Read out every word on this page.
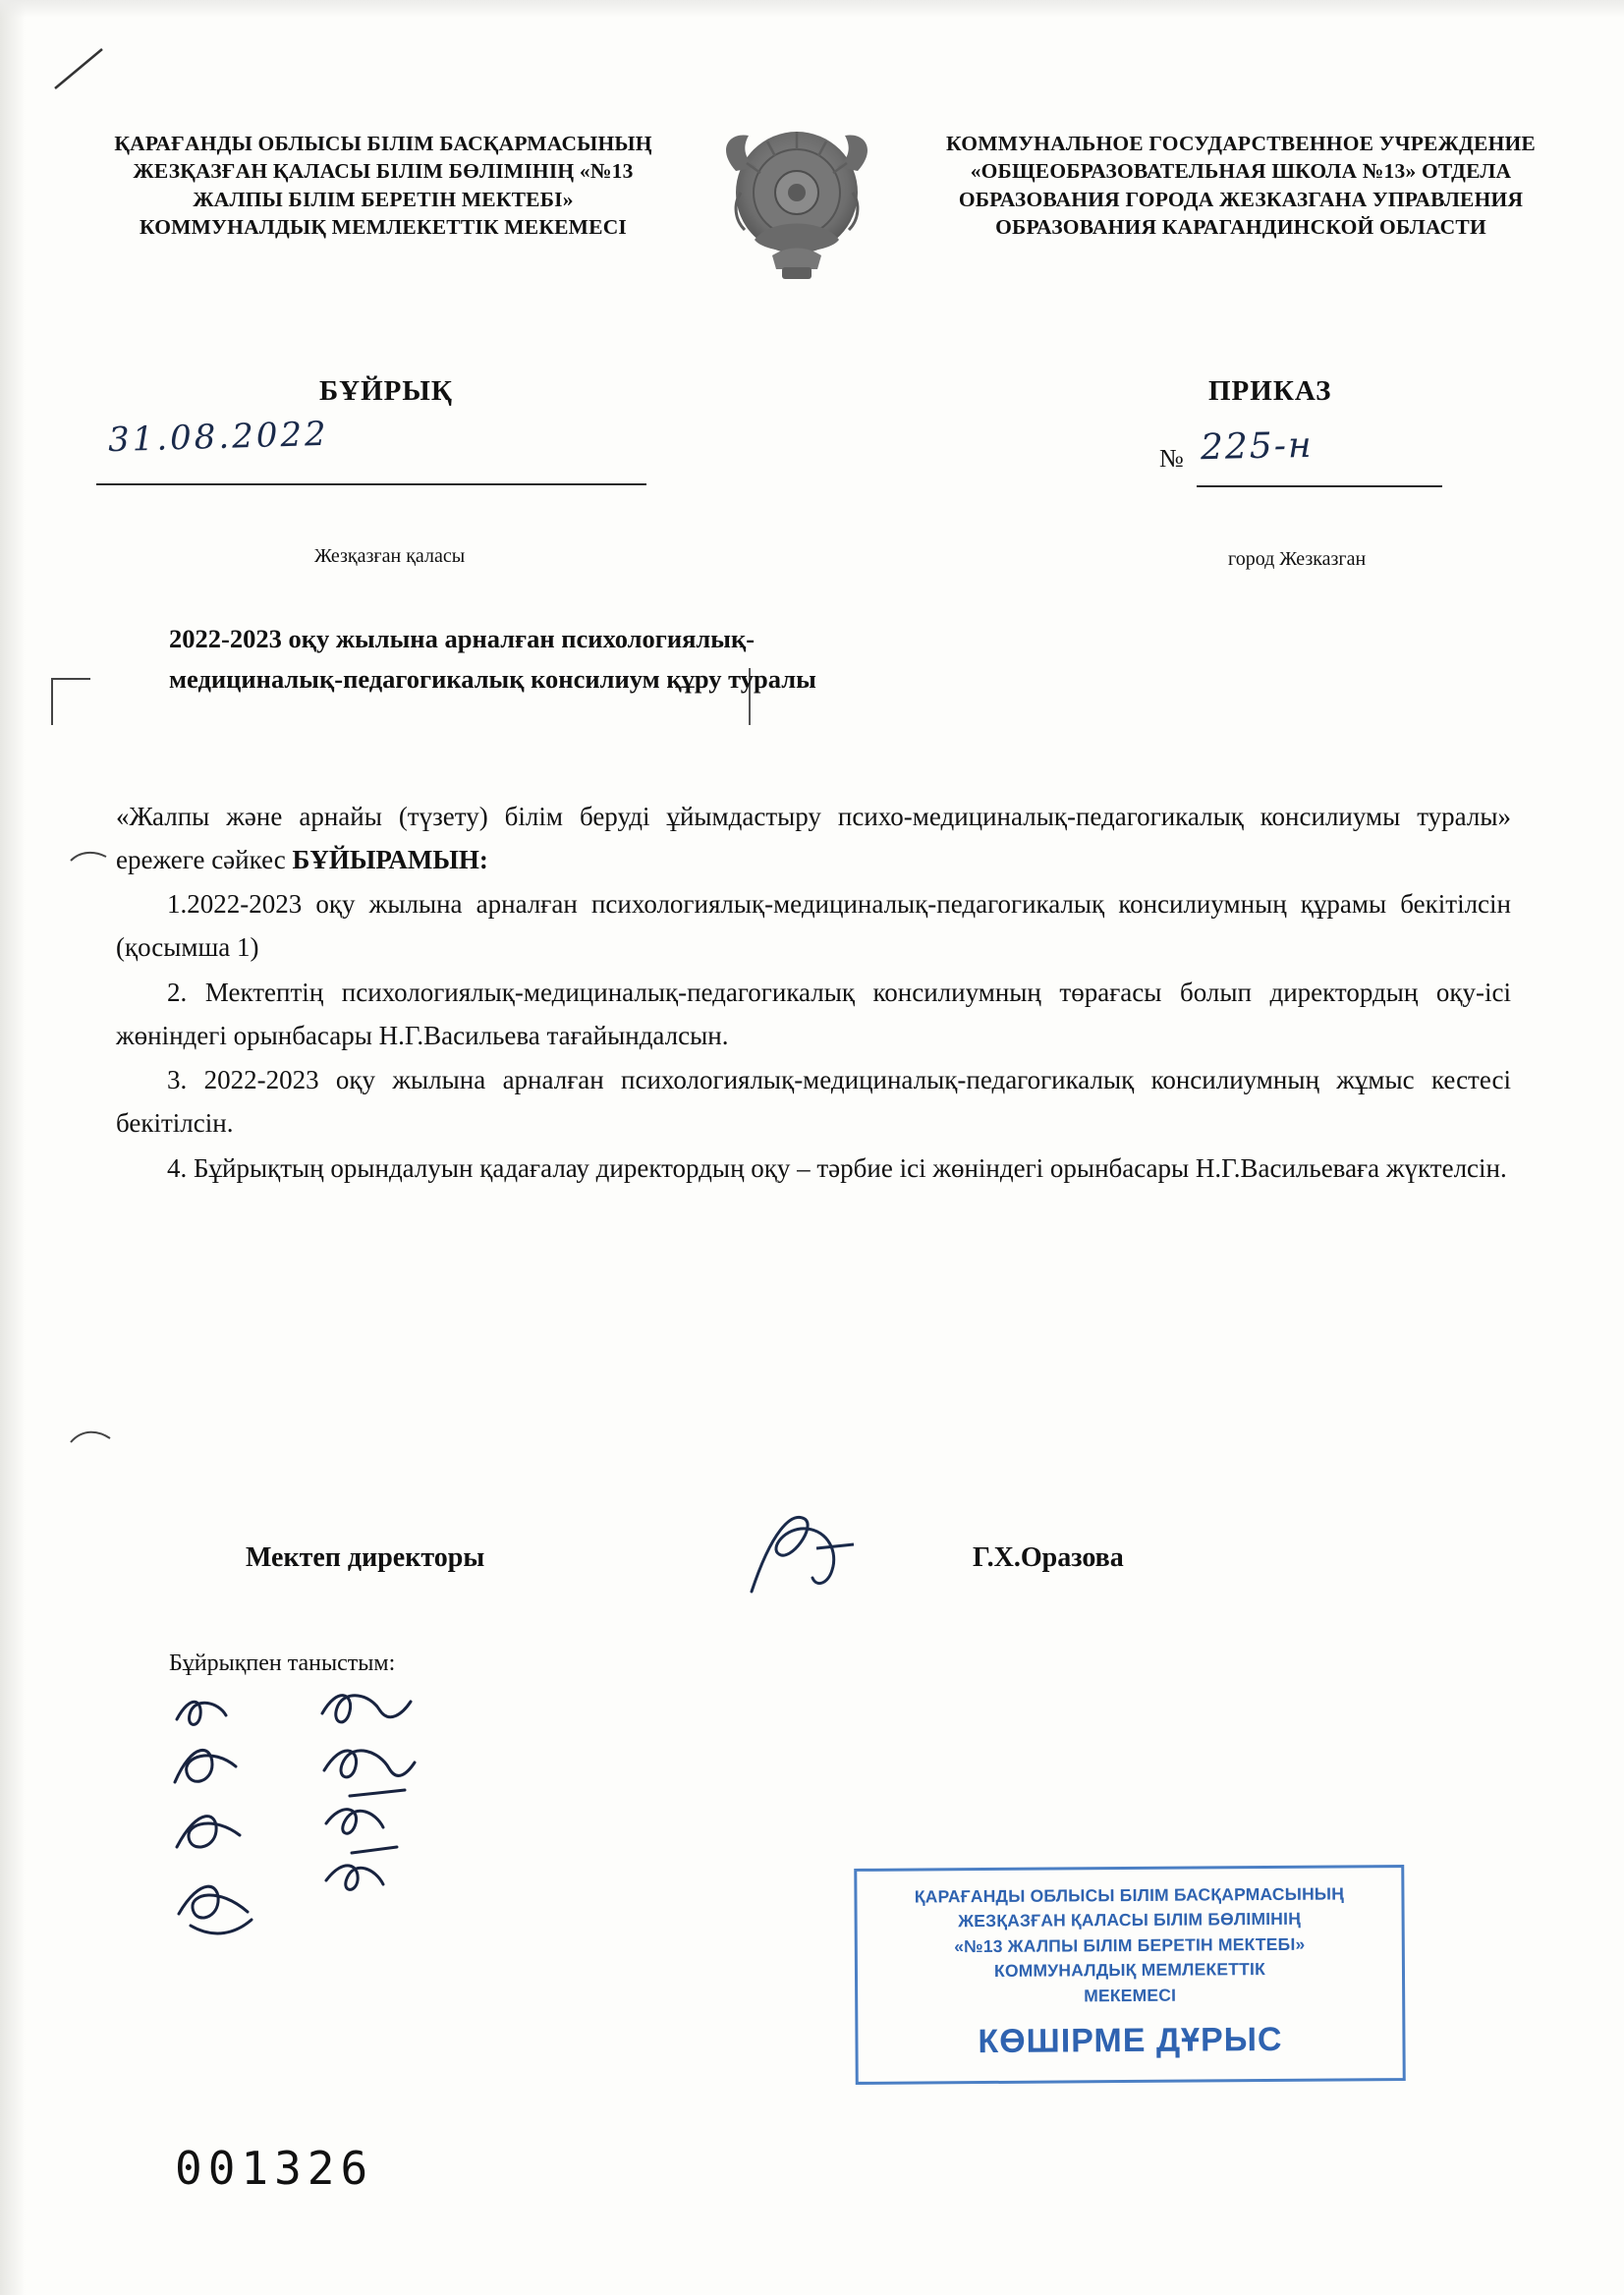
ҚАРАҒАНДЫ ОБЛЫСЫ БІЛІМ БАСҚАРМАСЫНЫҢ ЖЕЗҚАЗҒАН ҚАЛАСЫ БІЛІМ БӨЛІМІНІҢ «№13 ЖАЛПЫ БІЛІМ БЕРЕТІН МЕКТЕБІ» КОММУНАЛДЫҚ МЕМЛЕКЕТТІК МЕКЕМЕСІ
КОММУНАЛЬНОЕ ГОСУДАРСТВЕННОЕ УЧРЕЖДЕНИЕ «ОБЩЕОБРАЗОВАТЕЛЬНАЯ ШКОЛА №13» ОТДЕЛА ОБРАЗОВАНИЯ ГОРОДА ЖЕЗКАЗГАНА УПРАВЛЕНИЯ ОБРАЗОВАНИЯ КАРАГАНДИНСКОЙ ОБЛАСТИ
БҰЙРЫҚ	ПРИКАЗ
31.08.2022	№ 225-н
Жезқазған қаласы	город Жезказган
2022-2023 оқу жылына арналған психологиялық-медициналық-педагогикалық консилиум құру туралы

«Жалпы және арнайы (түзету) білім беруді ұйымдастыру психо-медициналық-педагогикалық консилиумы туралы» ережеге сәйкес БҰЙЫРАМЫН:

1.2022-2023 оқу жылына арналған психологиялық-медициналық-педагогикалық консилиумның құрамы бекітілсін (қосымша 1)

2. Мектептің психологиялық-медициналық-педагогикалық консилиумның төрағасы болып директордың оқу-ісі жөніндегі орынбасары Н.Г.Васильева тағайындалсын.

3. 2022-2023 оқу жылына арналған психологиялық-медициналық-педагогикалық консилиумның жұмыс кестесі бекітілсін.

4. Бұйрықтың орындалуын қадағалау директордың оқу – тәрбие ісі жөніндегі орынбасары Н.Г.Васильеваға жүктелсін.

Мектеп директоры	Г.Х.Оразова
Бұйрықпен таныстым:
ҚАРАҒАНДЫ ОБЛЫСЫ БІЛІМ БАСҚАРМАСЫНЫҢ
ЖЕЗҚАЗҒАН ҚАЛАСЫ БІЛІМ БӨЛІМІНІҢ
«№13 ЖАЛПЫ БІЛІМ БЕРЕТІН МЕКТЕБІ»
КОММУНАЛДЫҚ МЕМЛЕКЕТТІК
МЕКЕМЕСІ
КӨШІРМЕ ДҰРЫС
001326
